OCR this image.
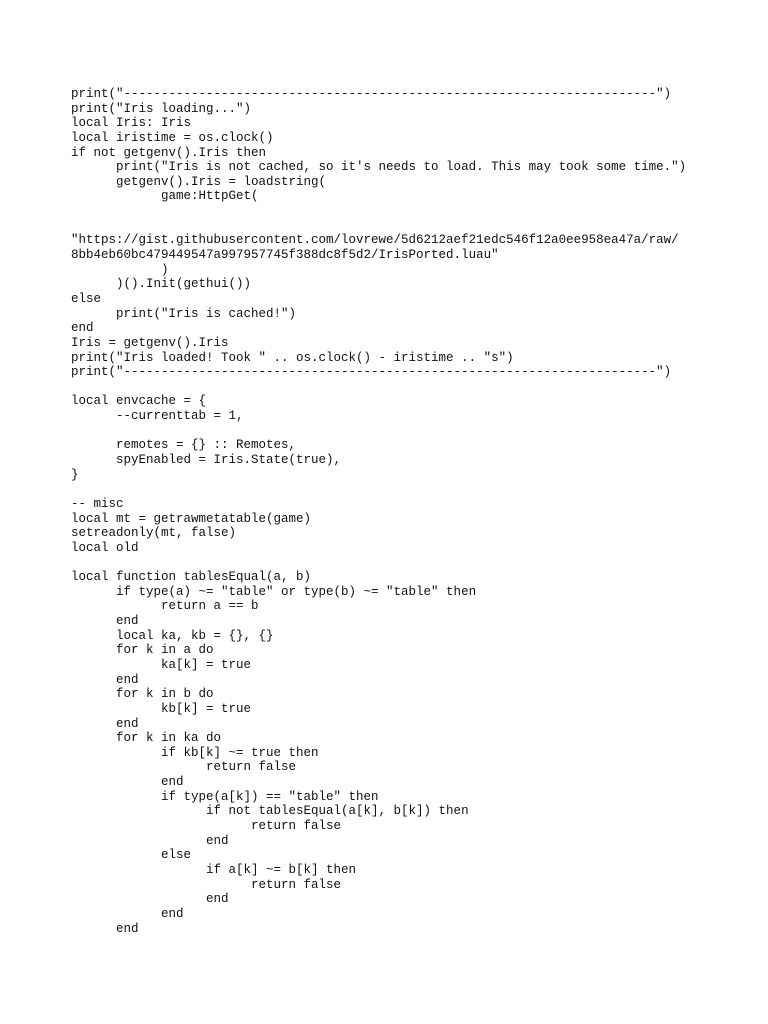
print("-----------------------------------------------------------------------")
print("Iris loading...")
local Iris: Iris
local iristime = os.clock()
if not getgenv().Iris then
print("Iris is not cached, so it's needs to load. This may took some time.")
getgenv().Iris = loadstring(
game:HttpGet(
"https://gist.githubusercontent.com/lovrewe/5d6212aef21edc546f12a0ee958ea47a/raw/
8bb4eb60bc479449547a997957745f388dc8f5d2/IrisPorted.luau"
)
)().Init(gethui())
else
print("Iris is cached!")
end
Iris = getgenv().Iris
print("Iris loaded! Took " .. os.clock() - iristime .. "s")
print("-----------------------------------------------------------------------")
local envcache = {
--currenttab = 1,
remotes = {} :: Remotes,
spyEnabled = Iris.State(true),
}
-- misc
local mt = getrawmetatable(game)
setreadonly(mt, false)
local old
local function tablesEqual(a, b)
if type(a) ~= "table" or type(b) ~= "table" then
return a == b
end
local ka, kb = {}, {}
for k in a do
ka[k] = true
end
for k in b do
kb[k] = true
end
for k in ka do
if kb[k] ~= true then
return false
end
if type(a[k]) == "table" then
if not tablesEqual(a[k], b[k]) then
return false
end
else
if a[k] ~= b[k] then
return false
end
end
end
